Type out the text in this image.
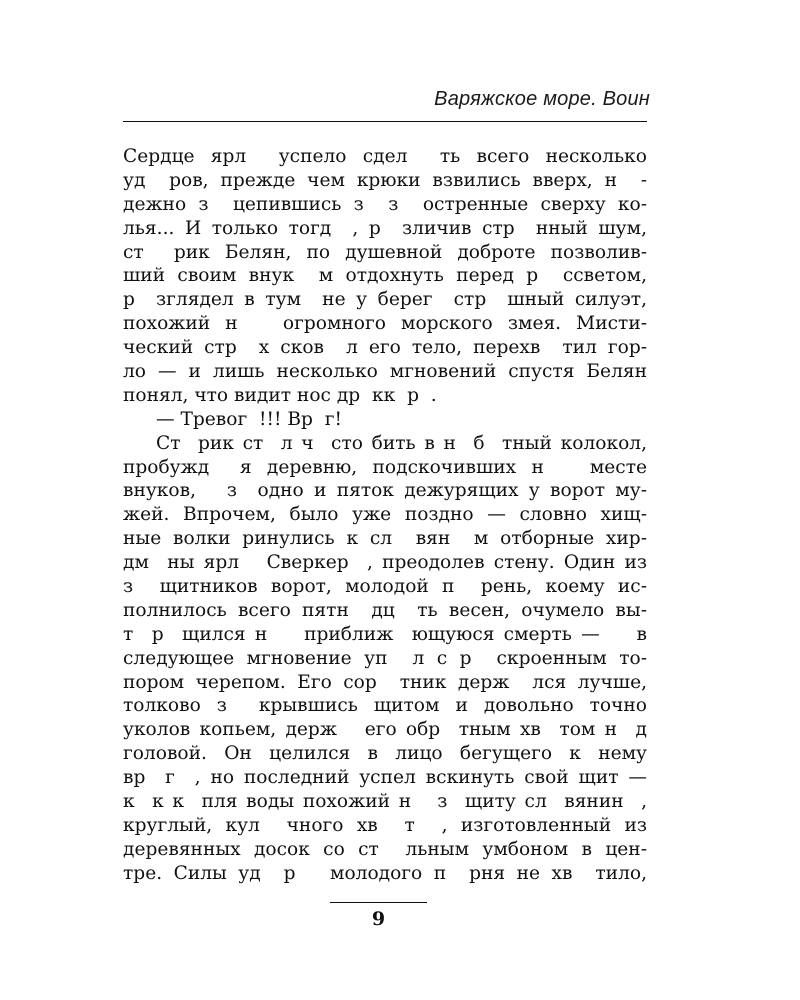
Варяжское море. Воин
Сердце ярл  успело сдел  ть всего несколько
уд  ров, прежде чем крюки взвились вверх, н  -
дежно з  цепившись з  з  остренные сверху ко-
лья... И только тогд  , р  зличив стр  нный шум,
ст  рик Белян, по душевной доброте позволив-
ший своим внук  м отдохнуть перед р  ссветом,
р  зглядел в тум  не у берег  стр  шный силуэт,
похожий н   огромного морского змея. Мисти-
ческий стр  х сков  л его тело, перехв  тил гор-
ло — и лишь несколько мгновений спустя Белян
понял, что видит нос др  кк  р  .
— Тревог  !!! Вр  г!
Ст  рик ст  л ч  сто бить в н  б  тный колокол,
пробужд  я деревню, подскочивших н   месте
внуков,   з  одно и пяток дежурящих у ворот му-
жей. Впрочем, было уже поздно — словно хищ-
ные волки ринулись к сл  вян  м отборные хир-
дм  ны ярл   Сверкер  , преодолев стену. Один из
з  щитников ворот, молодой п  рень, коему ис-
полнилось всего пятн  дц  ть весен, очумело вы-
т  р  щился н    приближ  ющуюся смерть —    в
следующее мгновение уп  л с р  скроенным то-
пором черепом. Его сор  тник держ  лся лучше,
толково з  крывшись щитом и довольно точно
уколов копьем, держ   его обр  тным хв  том н  д
головой. Он целился в лицо бегущего к нему
вр  г  , но последний успел вскинуть свой щит —
к  к к  пля воды похожий н   з  щиту сл  вянин  ,
круглый, кул  чного хв  т  , изготовленный из
деревянных досок со ст  льным умбоном в цен-
тре. Силы уд  р   молодого п  рня не хв  тило,
9
